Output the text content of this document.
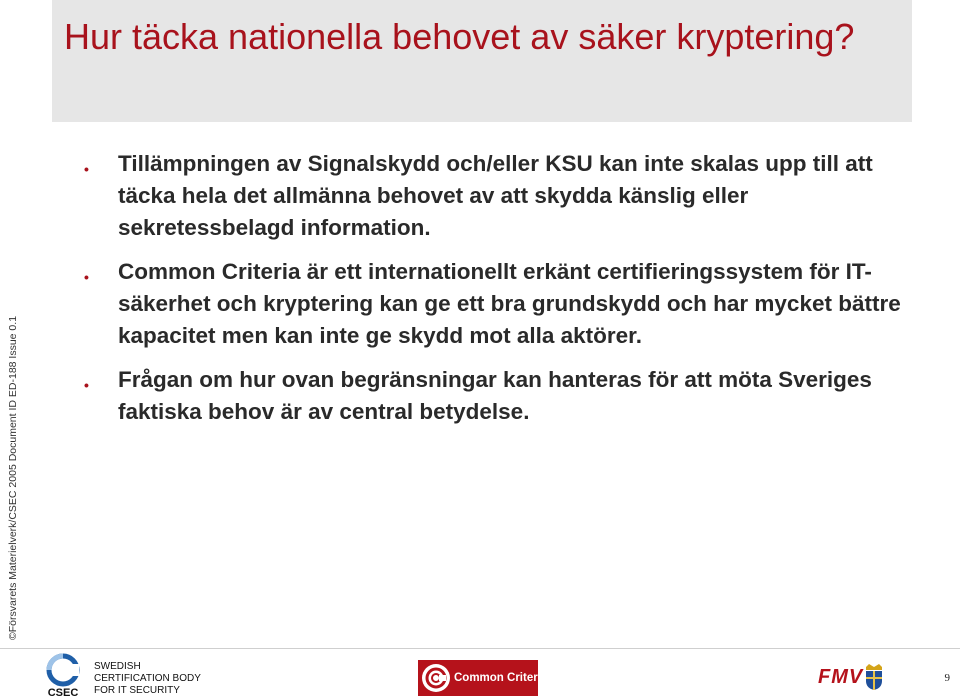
©Försvarets Materielverk/CSEC 2005 Document ID ED-188 Issue 0.1
Hur täcka nationella behovet av säker kryptering?
• Tillämpningen av Signalskydd och/eller KSU kan inte skalas upp till att täcka hela det allmänna behovet av att skydda känslig eller sekretessbelagd information.
• Common Criteria är ett internationellt erkänt certifieringssystem för IT-säkerhet och kryptering kan ge ett bra grundskydd och har mycket bättre kapacitet men kan inte ge skydd mot alla aktörer.
• Frågan om hur ovan begränsningar kan hanteras för att möta Sveriges faktiska behov är av central betydelse.
CSEC
SWEDISH
CERTIFICATION BODY
FOR IT SECURITY
Common Criteria	FMV	9
